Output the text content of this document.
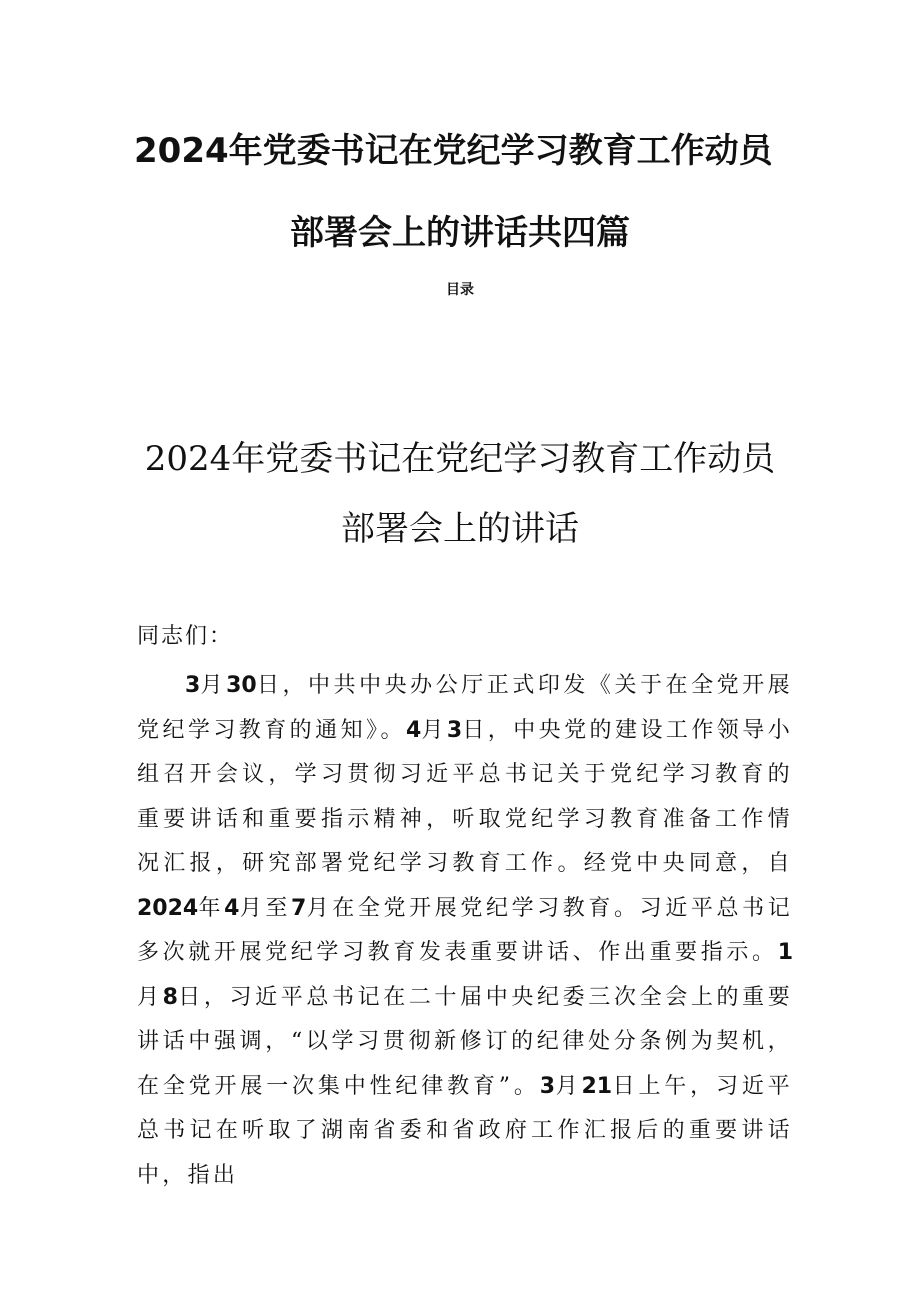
2024年党委书记在党纪学习教育工作动员
部署会上的讲话共四篇
目录
2024年党委书记在党纪学习教育工作动员
部署会上的讲话
同志们：

3月30日，中共中央办公厅正式印发《关于在全党开展党纪学习教育的通知》。4月3日，中央党的建设工作领导小组召开会议，学习贯彻习近平总书记关于党纪学习教育的重要讲话和重要指示精神，听取党纪学习教育准备工作情况汇报，研究部署党纪学习教育工作。经党中央同意，自2024年4月至7月在全党开展党纪学习教育。习近平总书记多次就开展党纪学习教育发表重要讲话、作出重要指示。1月8日，习近平总书记在二十届中央纪委三次全会上的重要讲话中强调，“以学习贯彻新修订的纪律处分条例为契机，在全党开展一次集中性纪律教育”。3月21日上午，习近平总书记在听取了湖南省委和省政府工作汇报后的重要讲话中，指出
